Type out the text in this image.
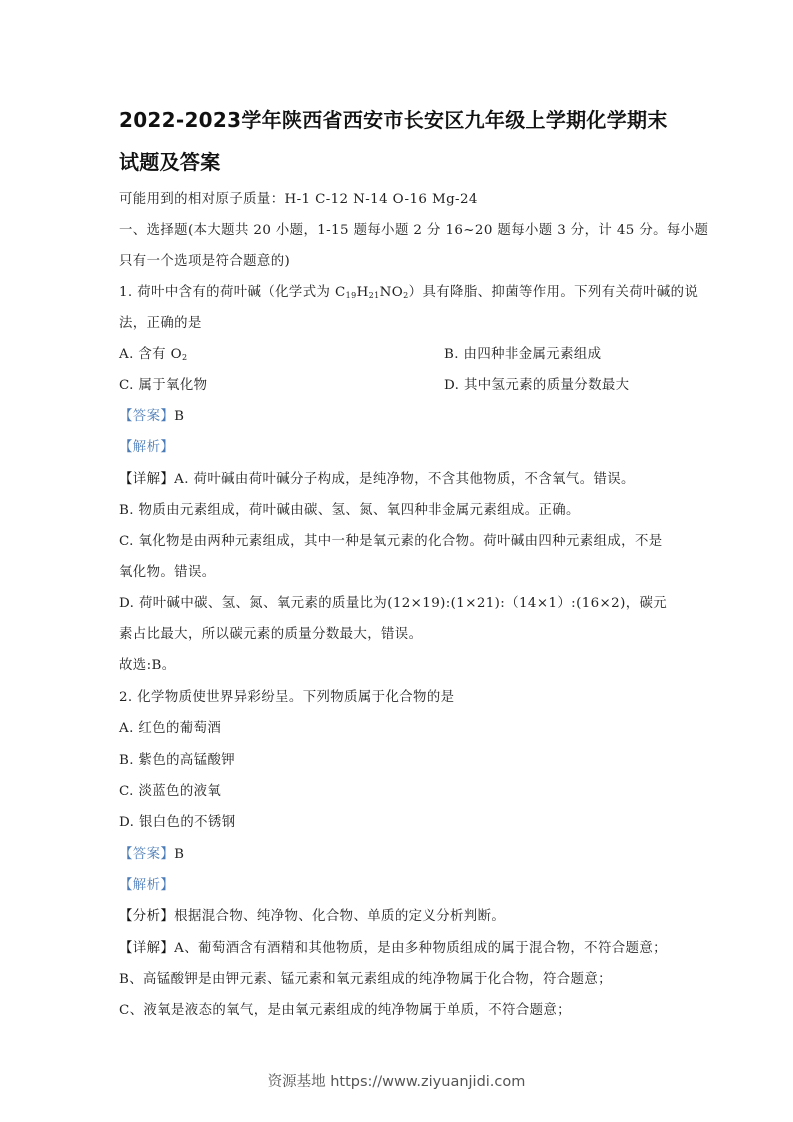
2022-2023学年陕西省西安市长安区九年级上学期化学期末
试题及答案
可能用到的相对原子质量：H-1 C-12 N-14 O-16 Mg-24
一、选择题(本大题共 20 小题，1-15 题每小题 2 分 16~20 题每小题 3 分，计 45 分。每小题
只有一个选项是符合题意的)
1. 荷叶中含有的荷叶碱（化学式为 $C_{19}H_{21}NO_2$）具有降脂、抑菌等作用。下列有关荷叶碱的说
法，正确的是
A. 含有 $O_2$	B. 由四种非金属元素组成
C. 属于氧化物	D. 其中氢元素的质量分数最大
【答案】B
【解析】
【详解】A. 荷叶碱由荷叶碱分子构成，是纯净物，不含其他物质，不含氧气。错误。
B. 物质由元素组成，荷叶碱由碳、氢、氮、氧四种非金属元素组成。正确。
C. 氧化物是由两种元素组成，其中一种是氧元素的化合物。荷叶碱由四种元素组成，不是
氧化物。错误。
D. 荷叶碱中碳、氢、氮、氧元素的质量比为(12×19):(1×21):（14×1）:(16×2)，碳元
素占比最大，所以碳元素的质量分数最大，错误。
故选:B。
2. 化学物质使世界异彩纷呈。下列物质属于化合物的是
A. 红色的葡萄酒
B. 紫色的高锰酸钾
C. 淡蓝色的液氧
D. 银白色的不锈钢
【答案】B
【解析】
【分析】根据混合物、纯净物、化合物、单质的定义分析判断。
【详解】A、葡萄酒含有酒精和其他物质，是由多种物质组成的属于混合物，不符合题意；
B、高锰酸钾是由钾元素、锰元素和氧元素组成的纯净物属于化合物，符合题意；
C、液氧是液态的氧气，是由氧元素组成的纯净物属于单质，不符合题意；
资源基地 https://www.ziyuanjidi.com
